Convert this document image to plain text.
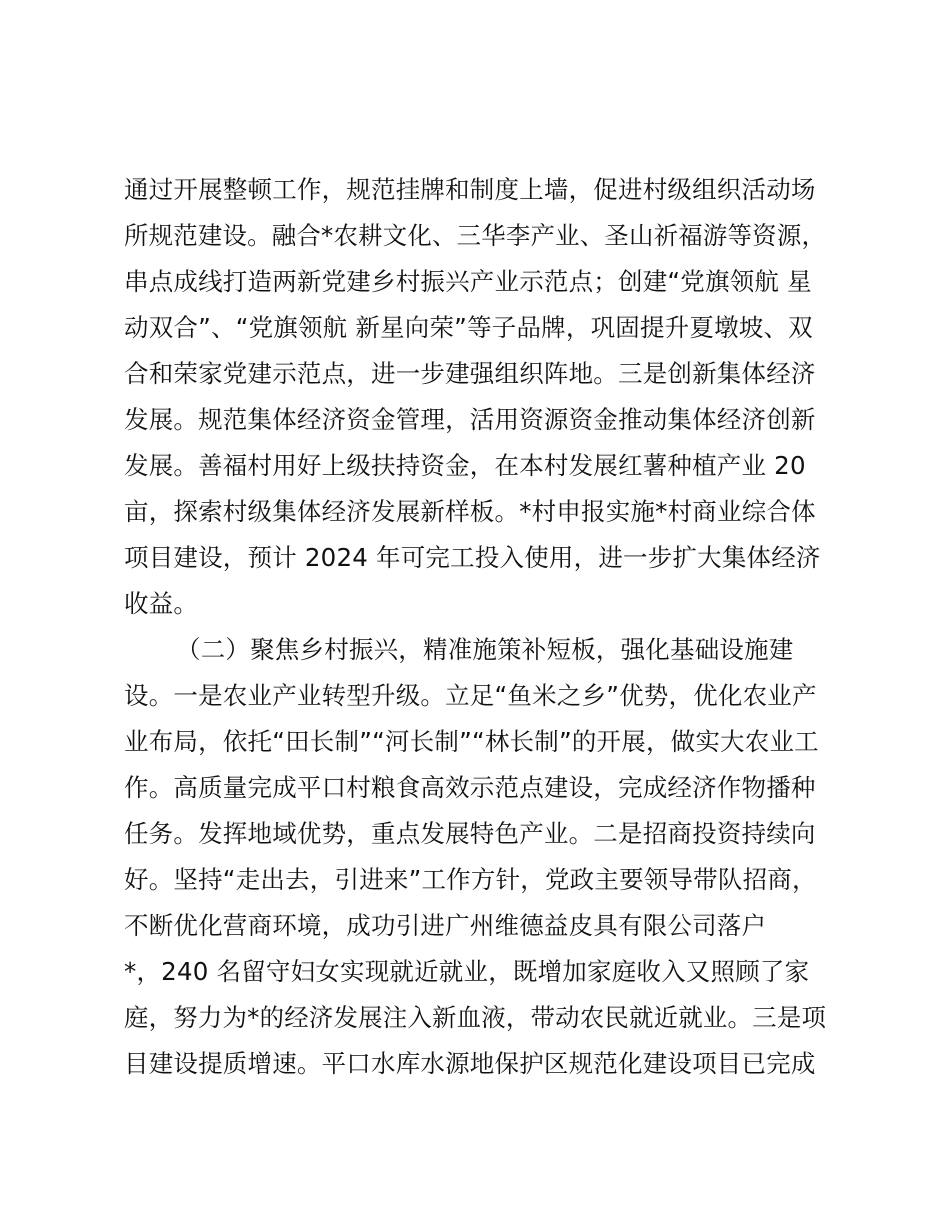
通过开展整顿工作，规范挂牌和制度上墙，促进村级组织活动场
所规范建设。融合*农耕文化、三华李产业、圣山祈福游等资源，
串点成线打造两新党建乡村振兴产业示范点；创建“党旗领航 星
动双合”、“党旗领航 新星向荣”等子品牌，巩固提升夏墩坡、双
合和荣家党建示范点，进一步建强组织阵地。三是创新集体经济
发展。规范集体经济资金管理，活用资源资金推动集体经济创新
发展。善福村用好上级扶持资金，在本村发展红薯种植产业 20
亩，探索村级集体经济发展新样板。*村申报实施*村商业综合体
项目建设，预计 2024 年可完工投入使用，进一步扩大集体经济
收益。
（二）聚焦乡村振兴，精准施策补短板，强化基础设施建
设。一是农业产业转型升级。立足“鱼米之乡”优势，优化农业产
业布局，依托“田长制”“河长制”“林长制”的开展，做实大农业工
作。高质量完成平口村粮食高效示范点建设，完成经济作物播种
任务。发挥地域优势，重点发展特色产业。二是招商投资持续向
好。坚持“走出去，引进来”工作方针，党政主要领导带队招商，
不断优化营商环境，成功引进广州维德益皮具有限公司落户
*，240 名留守妇女实现就近就业，既增加家庭收入又照顾了家
庭，努力为*的经济发展注入新血液，带动农民就近就业。三是项
目建设提质增速。平口水库水源地保护区规范化建设项目已完成
